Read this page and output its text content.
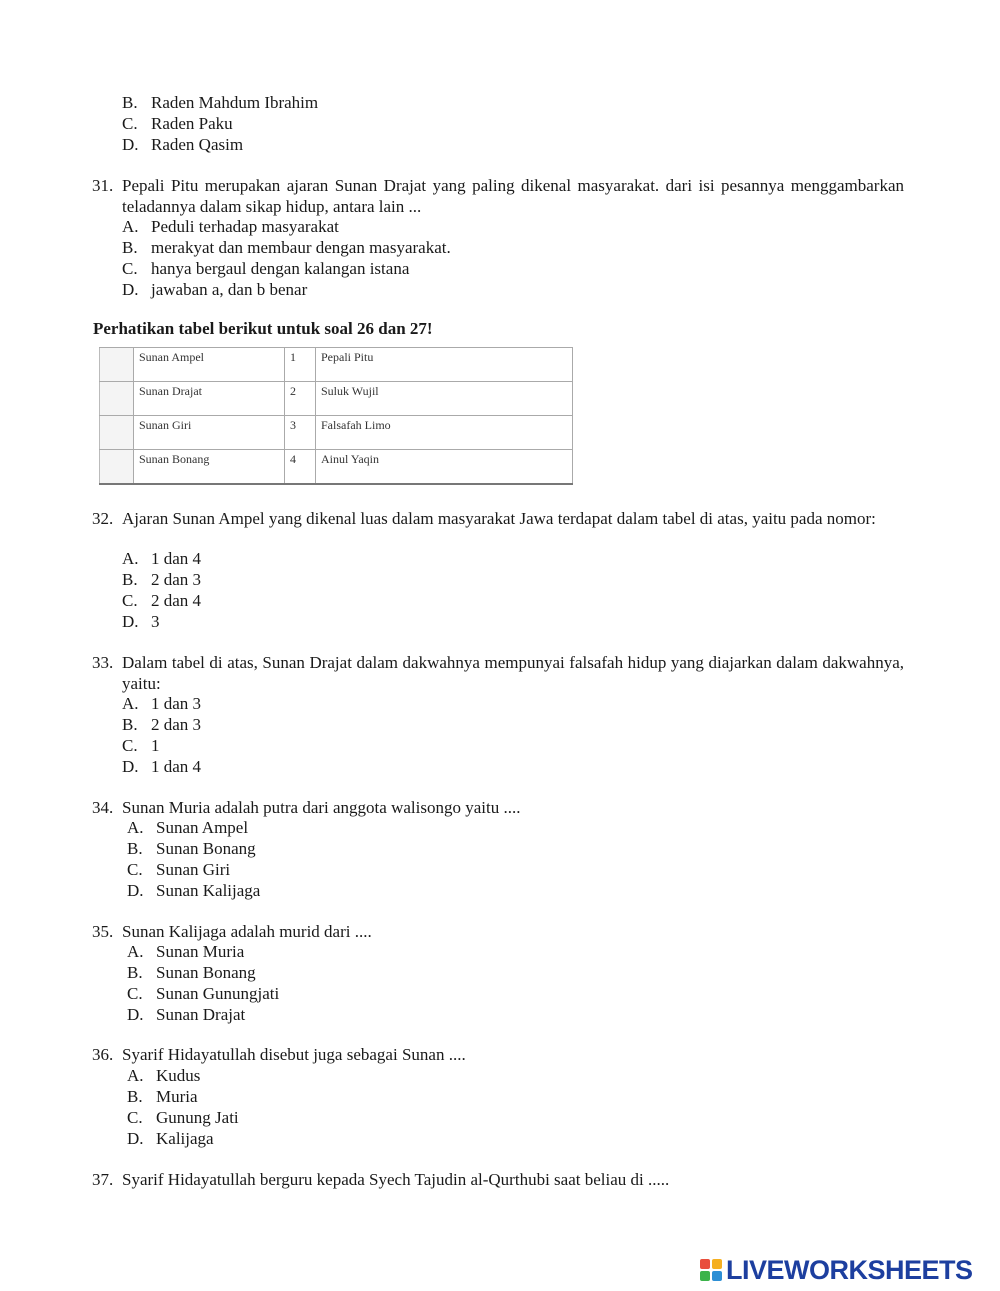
B. Raden Mahdum Ibrahim
C. Raden Paku
D. Raden Qasim
31. Pepali Pitu merupakan ajaran Sunan Drajat yang paling dikenal masyarakat. dari isi pesannya menggambarkan teladannya dalam sikap hidup, antara lain ...
A. Peduli terhadap masyarakat
B. merakyat dan membaur dengan masyarakat.
C. hanya bergaul dengan kalangan istana
D. jawaban a, dan b benar
Perhatikan tabel berikut untuk soal 26 dan 27!
	Sunan Ampel	1	Pepali Pitu
	Sunan Drajat	2	Suluk Wujil
	Sunan Giri	3	Falsafah Limo
	Sunan Bonang	4	Ainul Yaqin
32. Ajaran Sunan Ampel yang dikenal luas dalam masyarakat Jawa terdapat dalam tabel di atas, yaitu pada nomor:
A. 1 dan 4
B. 2 dan 3
C. 2 dan 4
D. 3
33. Dalam tabel di atas, Sunan Drajat dalam dakwahnya mempunyai falsafah hidup yang diajarkan dalam dakwahnya, yaitu:
A. 1 dan 3
B. 2 dan 3
C. 1
D. 1 dan 4
34. Sunan Muria adalah putra dari anggota walisongo yaitu ....
A. Sunan Ampel
B. Sunan Bonang
C. Sunan Giri
D. Sunan Kalijaga
35. Sunan Kalijaga adalah murid dari ....
A. Sunan Muria
B. Sunan Bonang
C. Sunan Gunungjati
D. Sunan Drajat
36. Syarif Hidayatullah disebut juga sebagai Sunan ....
A. Kudus
B. Muria
C. Gunung Jati
D. Kalijaga
37. Syarif Hidayatullah berguru kepada Syech Tajudin al-Qurthubi saat beliau di .....
LIVEWORKSHEETS
